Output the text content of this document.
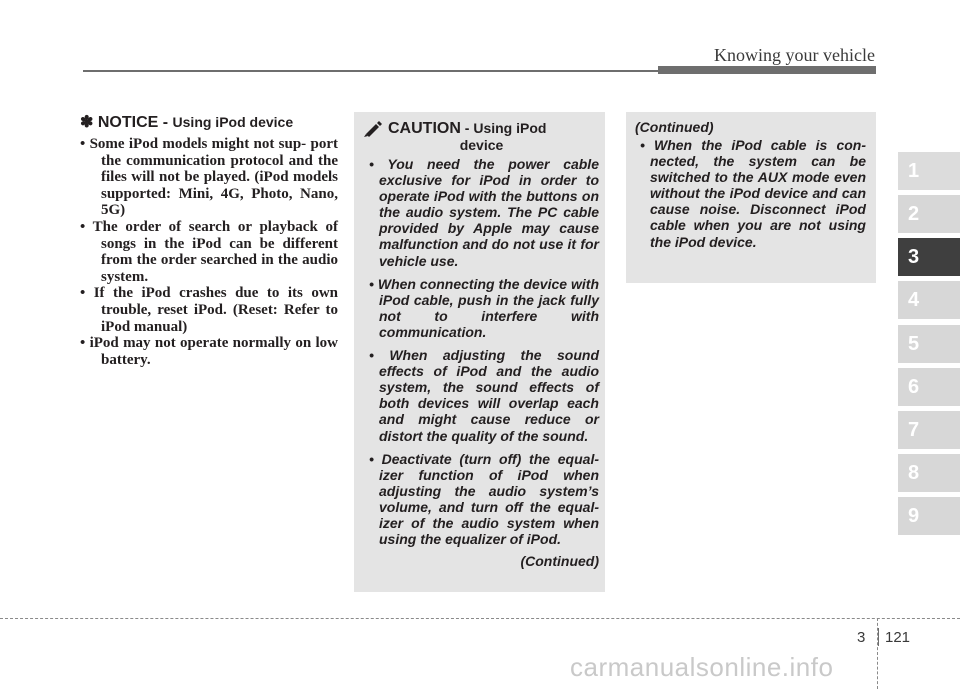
Knowing your vehicle
1
2
3
4
5
6
7
8
9
✽ NOTICE - Using iPod device
• Some iPod models might not sup- port the communication protocol and the files will not be played. (iPod models supported: Mini, 4G, Photo, Nano, 5G)
• The order of search or playback of songs in the iPod can be different from the order searched in the audio system.
• If the iPod crashes due to its own trouble, reset iPod. (Reset: Refer to iPod manual)
• iPod may not operate normally on low battery.
CAUTION - Using iPod
device
• You need the power cable exclusive for iPod in order to operate iPod with the buttons on the audio system. The PC cable provided by Apple may cause malfunction and do not use it for vehicle use.
• When connecting the device with iPod cable, push in the jack fully not to interfere with communication.
• When adjusting the sound effects of iPod and the audio system, the sound effects of both devices will overlap each and might cause reduce or distort the quality of the sound.
• Deactivate (turn off) the equal- izer function of iPod when adjusting the audio system’s volume, and turn off the equal- izer of the audio system when using the equalizer of iPod.
(Continued)
(Continued)
• When the iPod cable is con- nected, the system can be switched to the AUX mode even without the iPod device and can cause noise. Disconnect iPod cable when you are not using the iPod device.
3 121
carmanualsonline.info
